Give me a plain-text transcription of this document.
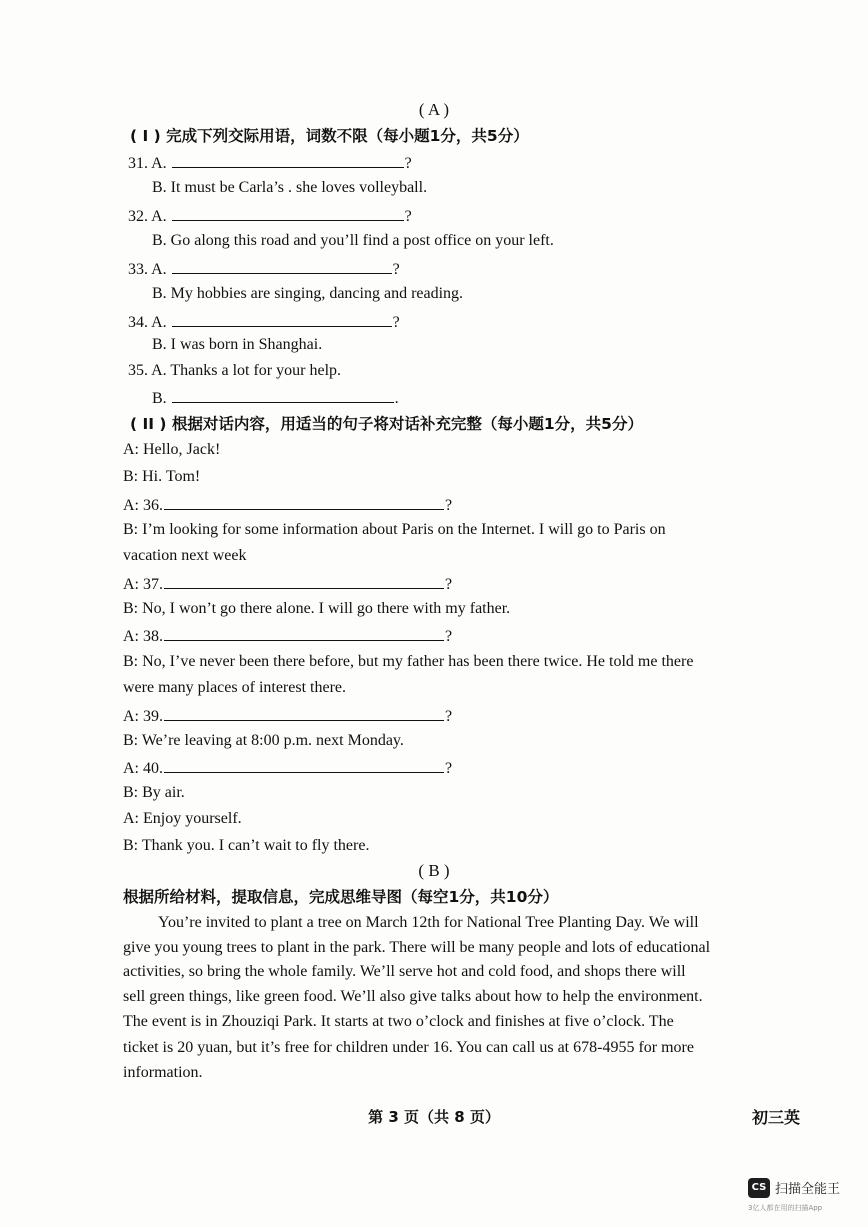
( A )
( I ) 完成下列交际用语，词数不限（每小题1分，共5分）
31. A.	?
B. It must be Carla’s . she loves volleyball.
32. A.	?
B. Go along this road and you’ll find a post office on your left.
33. A.	?
B. My hobbies are singing, dancing and reading.
34. A.	?
B. I was born in Shanghai.
35. A. Thanks a lot for your help.
B.	.
( II ) 根据对话内容，用适当的句子将对话补充完整（每小题1分，共5分）
A: Hello, Jack!
B: Hi. Tom!
A: 36.	?
B: I’m looking for some information about Paris on the Internet. I will go to Paris on
vacation next week
A: 37.	?
B: No, I won’t go there alone. I will go there with my father.
A: 38.	?
B: No, I’ve never been there before, but my father has been there twice. He told me there
were many places of interest there.
A: 39.	?
B: We’re leaving at 8:00 p.m. next Monday.
A: 40.	?
B: By air.
A: Enjoy yourself.
B: Thank you. I can’t wait to fly there.
( B )
根据所给材料，提取信息，完成思维导图（每空1分，共10分）
You’re invited to plant a tree on March 12th for National Tree Planting Day. We will
give you young trees to plant in the park. There will be many people and lots of educational
activities, so bring the whole family. We’ll serve hot and cold food, and shops there will
sell green things, like green food. We’ll also give talks about how to help the environment.
The event is in Zhouziqi Park. It starts at two o’clock and finishes at five o’clock. The
ticket is 20 yuan, but it’s free for children under 16. You can call us at 678-4955 for more
information.
第 3 页（共 8 页）	初三英
CS 扫描全能王
3亿人都在用的扫描App
